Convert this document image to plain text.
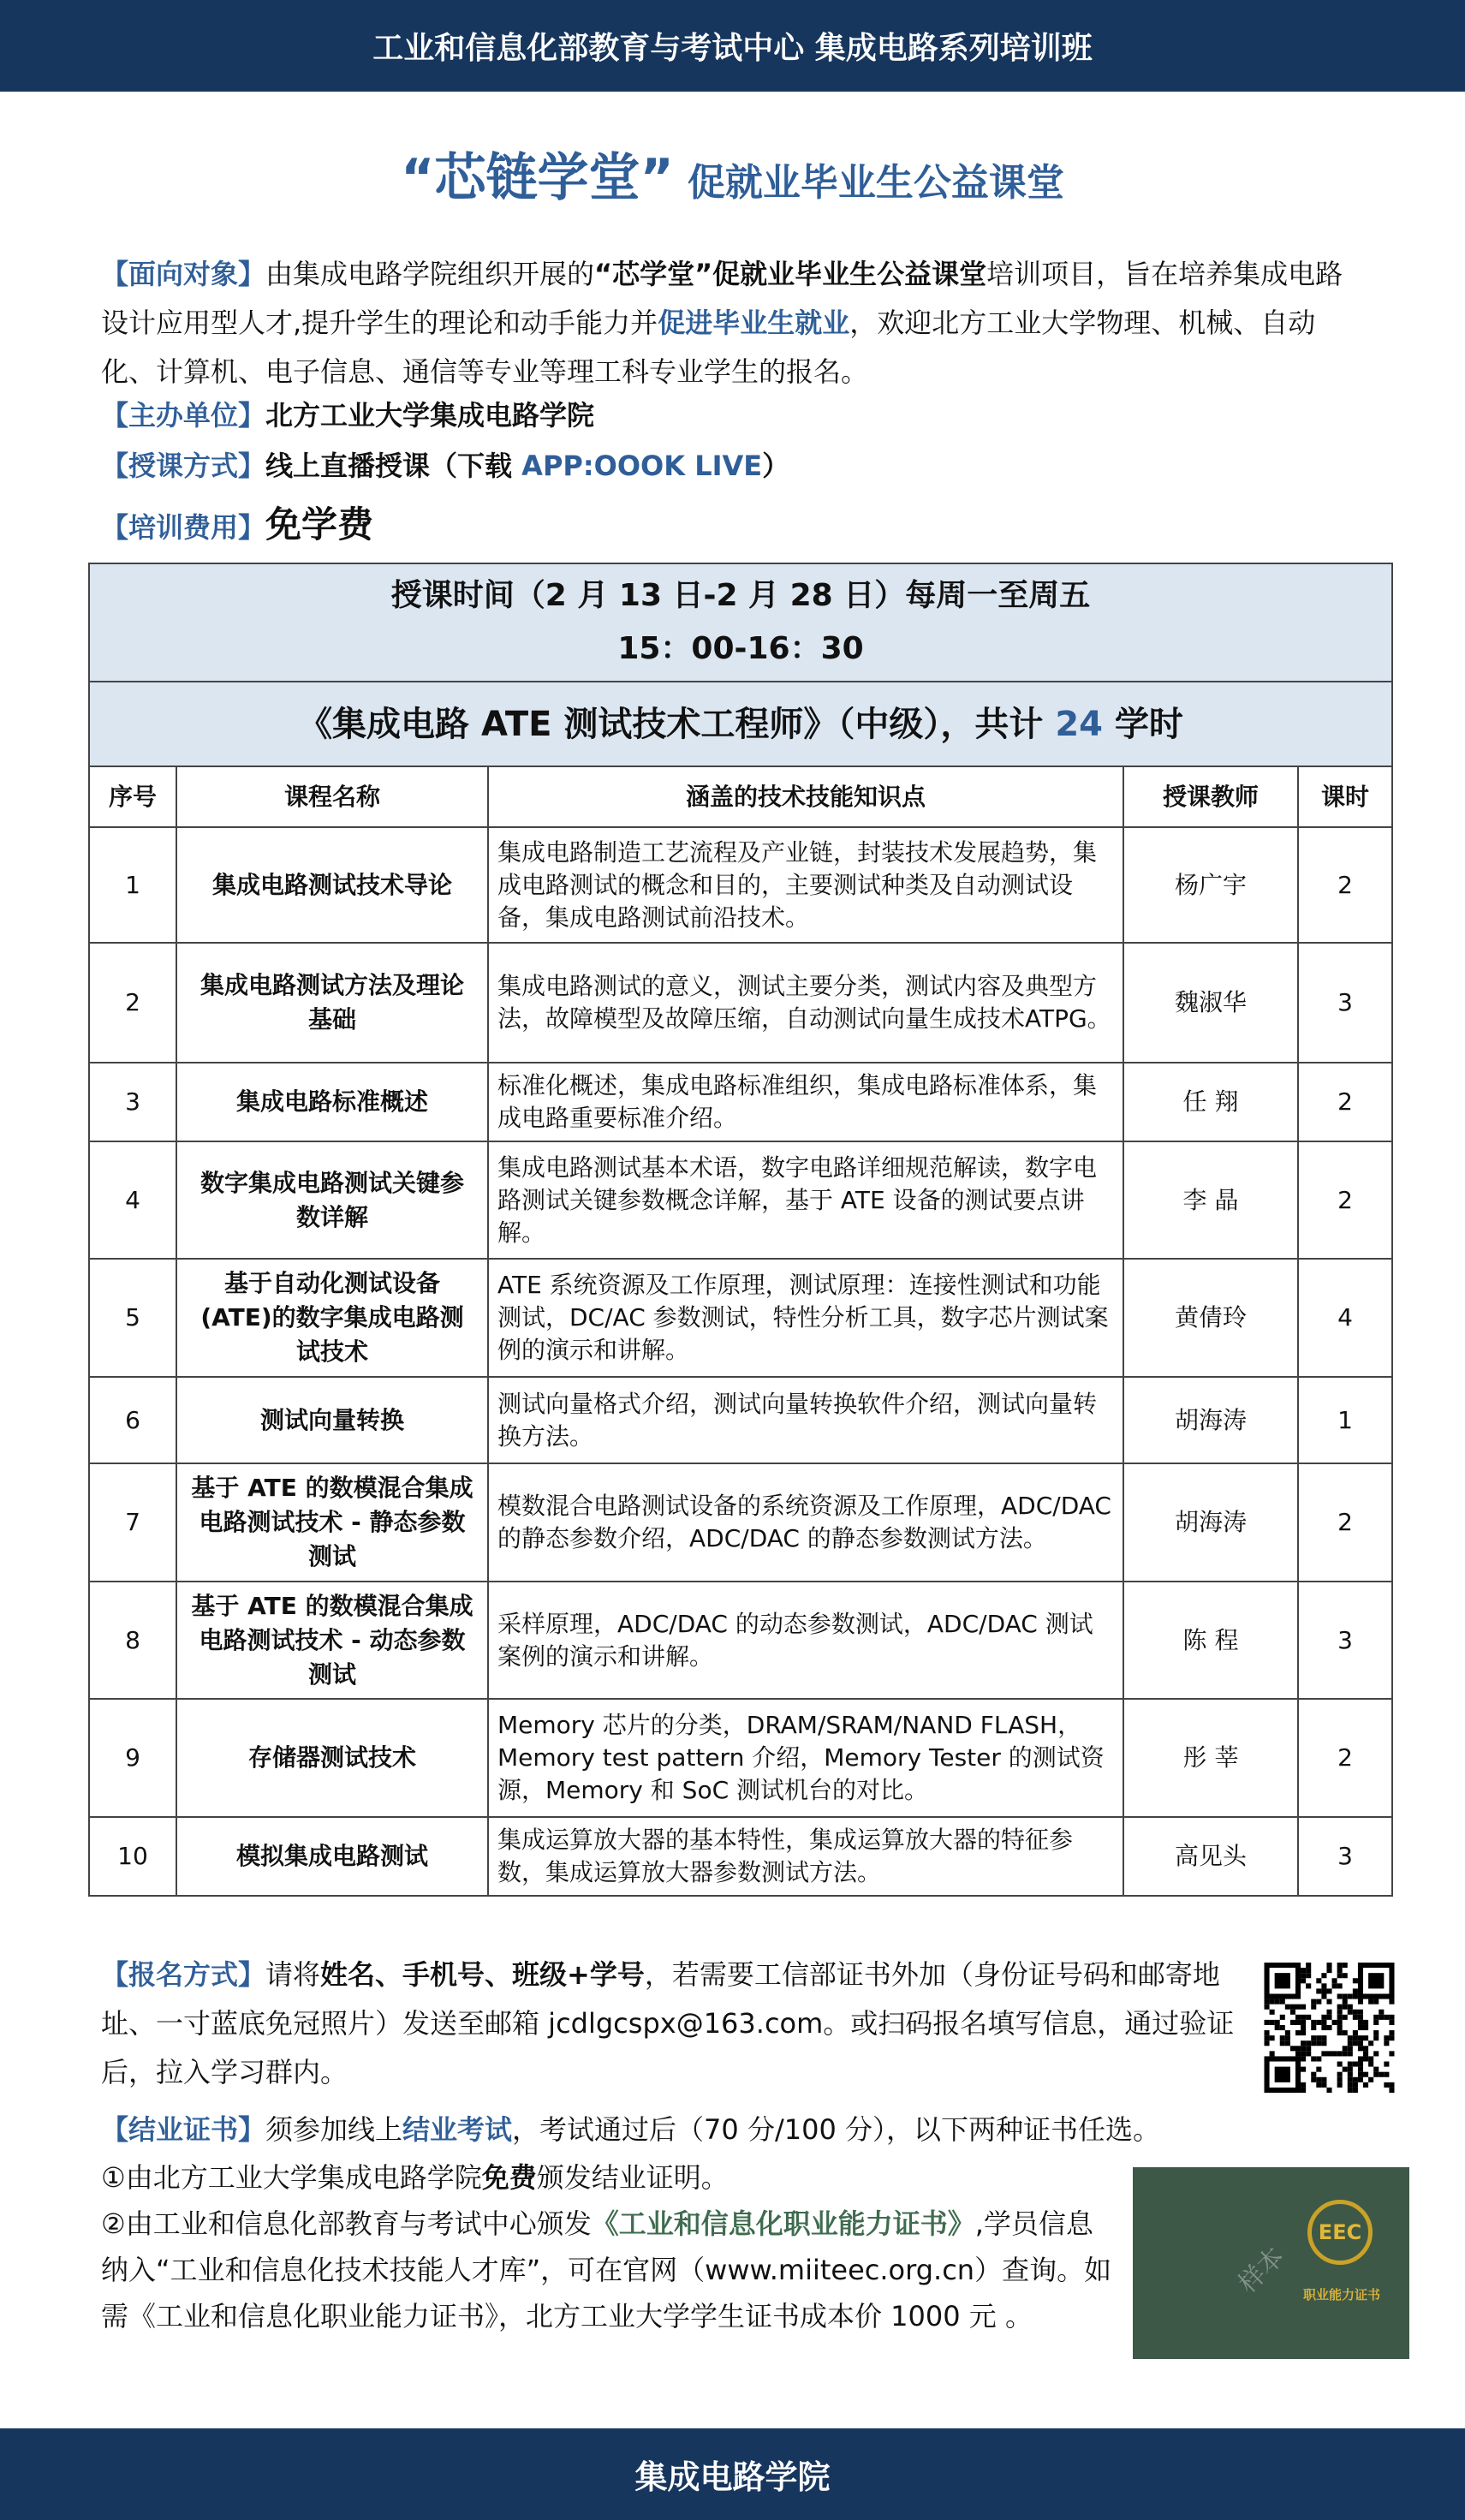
工业和信息化部教育与考试中心 集成电路系列培训班
“芯链学堂” 促就业毕业生公益课堂
【面向对象】由集成电路学院组织开展的“芯学堂”促就业毕业生公益课堂培训项目，旨在培养集成电路设计应用型人才,提升学生的理论和动手能力并促进毕业生就业，欢迎北方工业大学物理、机械、自动化、计算机、电子信息、通信等专业等理工科专业学生的报名。
【主办单位】北方工业大学集成电路学院
【授课方式】线上直播授课（下载 APP:OOOK LIVE）
【培训费用】免学费
授课时间（2 月 13 日-2 月 28 日）每周一至周五
15：00-16：30				

《集成电路 ATE 测试技术工程师》（中级），共计 24 学时				
序号	课程名称	涵盖的技术技能知识点	授课教师	课时
1	集成电路测试技术导论	集成电路制造工艺流程及产业链，封装技术发展趋势，集成电路测试的概念和目的，主要测试种类及自动测试设备，集成电路测试前沿技术。	杨广宇	2
2	集成电路测试方法及理论基础	集成电路测试的意义，测试主要分类，测试内容及典型方法，故障模型及故障压缩，自动测试向量生成技术ATPG。	魏淑华	3
3	集成电路标准概述	标准化概述，集成电路标准组织，集成电路标准体系，集成电路重要标准介绍。	任 翔	2
4	数字集成电路测试关键参数详解	集成电路测试基本术语，数字电路详细规范解读，数字电路测试关键参数概念详解，基于 ATE 设备的测试要点讲解。	李 晶	2
5	基于自动化测试设备(ATE)的数字集成电路测试技术	ATE 系统资源及工作原理，测试原理：连接性测试和功能测试，DC/AC 参数测试，特性分析工具，数字芯片测试案例的演示和讲解。	黄倩玲	4
6	测试向量转换	测试向量格式介绍，测试向量转换软件介绍，测试向量转换方法。	胡海涛	1
7	基于 ATE 的数模混合集成电路测试技术 - 静态参数测试	模数混合电路测试设备的系统资源及工作原理，ADC/DAC 的静态参数介绍，ADC/DAC 的静态参数测试方法。	胡海涛	2
8	基于 ATE 的数模混合集成电路测试技术 - 动态参数测试	采样原理，ADC/DAC 的动态参数测试，ADC/DAC 测试案例的演示和讲解。	陈 程	3
9	存储器测试技术	Memory 芯片的分类，DRAM/SRAM/NAND FLASH，Memory test pattern 介绍，Memory Tester 的测试资源，Memory 和 SoC 测试机台的对比。	彤 莘	2
10	模拟集成电路测试	集成运算放大器的基本特性，集成运算放大器的特征参数，集成运算放大器参数测试方法。	高见头	3
【报名方式】请将姓名、手机号、班级+学号，若需要工信部证书外加（身份证号码和邮寄地址、一寸蓝底免冠照片）发送至邮箱 jcdlgcspx@163.com。或扫码报名填写信息，通过验证后，拉入学习群内。
【结业证书】须参加线上结业考试，考试通过后（70 分/100 分），以下两种证书任选。
①由北方工业大学集成电路学院免费颁发结业证明。
②由工业和信息化部教育与考试中心颁发《工业和信息化职业能力证书》,学员信息纳入“工业和信息化技术技能人才库”，可在官网（www.miiteec.org.cn）查询。如需《工业和信息化职业能力证书》，北方工业大学学生证书成本价 1000 元 。
EEC
职业能力证书
样本
集成电路学院
